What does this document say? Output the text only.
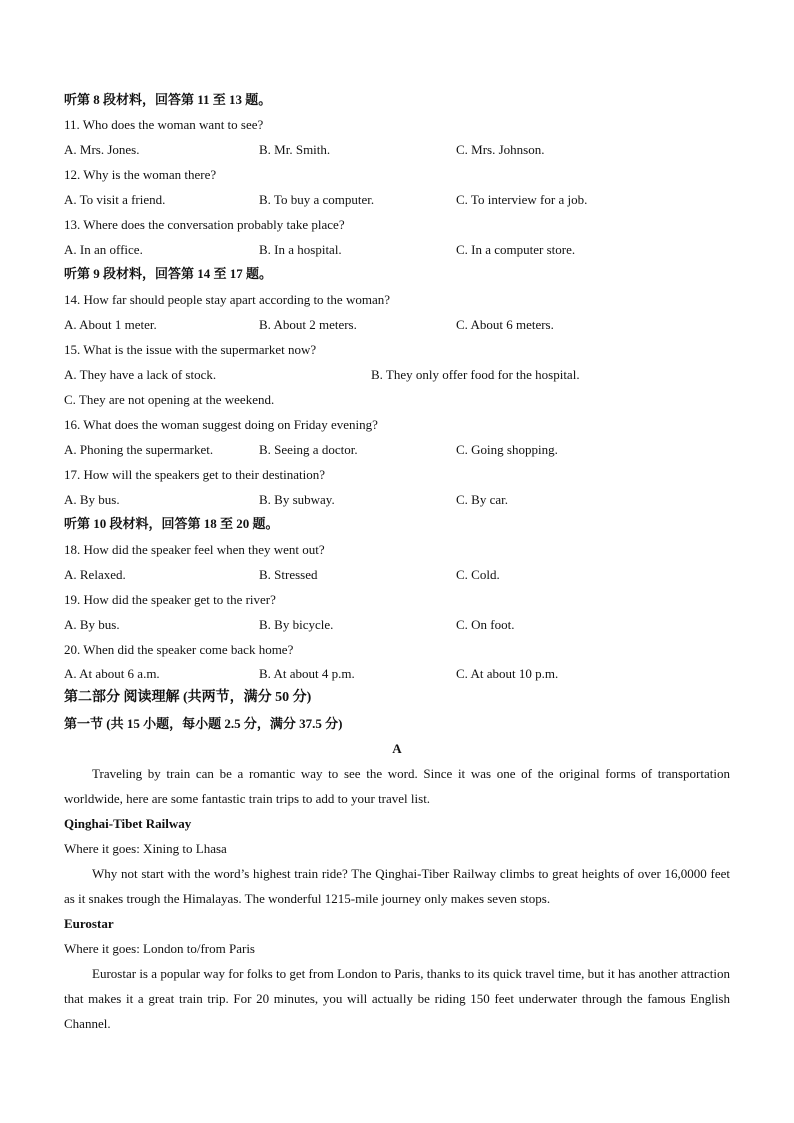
听第 8 段材料，回答第 11 至 13 题。
11. Who does the woman want to see?
A. Mrs. Jones.	B. Mr. Smith.	C. Mrs. Johnson.
12. Why is the woman there?
A. To visit a friend.	B. To buy a computer.	C. To interview for a job.
13. Where does the conversation probably take place?
A. In an office.	B. In a hospital.	C. In a computer store.
听第 9 段材料，回答第 14 至 17 题。
14. How far should people stay apart according to the woman?
A. About 1 meter.	B. About 2 meters.	C. About 6 meters.
15. What is the issue with the supermarket now?
A. They have a lack of stock.	B. They only offer food for the hospital.
C. They are not opening at the weekend.
16. What does the woman suggest doing on Friday evening?
A. Phoning the supermarket.	B. Seeing a doctor.	C. Going shopping.
17. How will the speakers get to their destination?
A. By bus.	B. By subway.	C. By car.
听第 10 段材料，回答第 18 至 20 题。
18. How did the speaker feel when they went out?
A. Relaxed.	B. Stressed	C. Cold.
19. How did the speaker get to the river?
A. By bus.	B. By bicycle.	C. On foot.
20. When did the speaker come back home?
A. At about 6 a.m.	B. At about 4 p.m.	C. At about 10 p.m.
第二部分 阅读理解 (共两节，满分 50 分)
第一节 (共 15 小题，每小题 2.5 分，满分 37.5 分)
A
Traveling by train can be a romantic way to see the word. Since it was one of the original forms of transportation worldwide, here are some fantastic train trips to add to your travel list.
Qinghai-Tibet Railway
Where it goes: Xining to Lhasa
Why not start with the word’s highest train ride? The Qinghai-Tiber Railway climbs to great heights of over 16,0000 feet as it snakes trough the Himalayas. The wonderful 1215-mile journey only makes seven stops.
Eurostar
Where it goes: London to/from Paris
Eurostar is a popular way for folks to get from London to Paris, thanks to its quick travel time, but it has another attraction that makes it a great train trip. For 20 minutes, you will actually be riding 150 feet underwater through the famous English Channel.
